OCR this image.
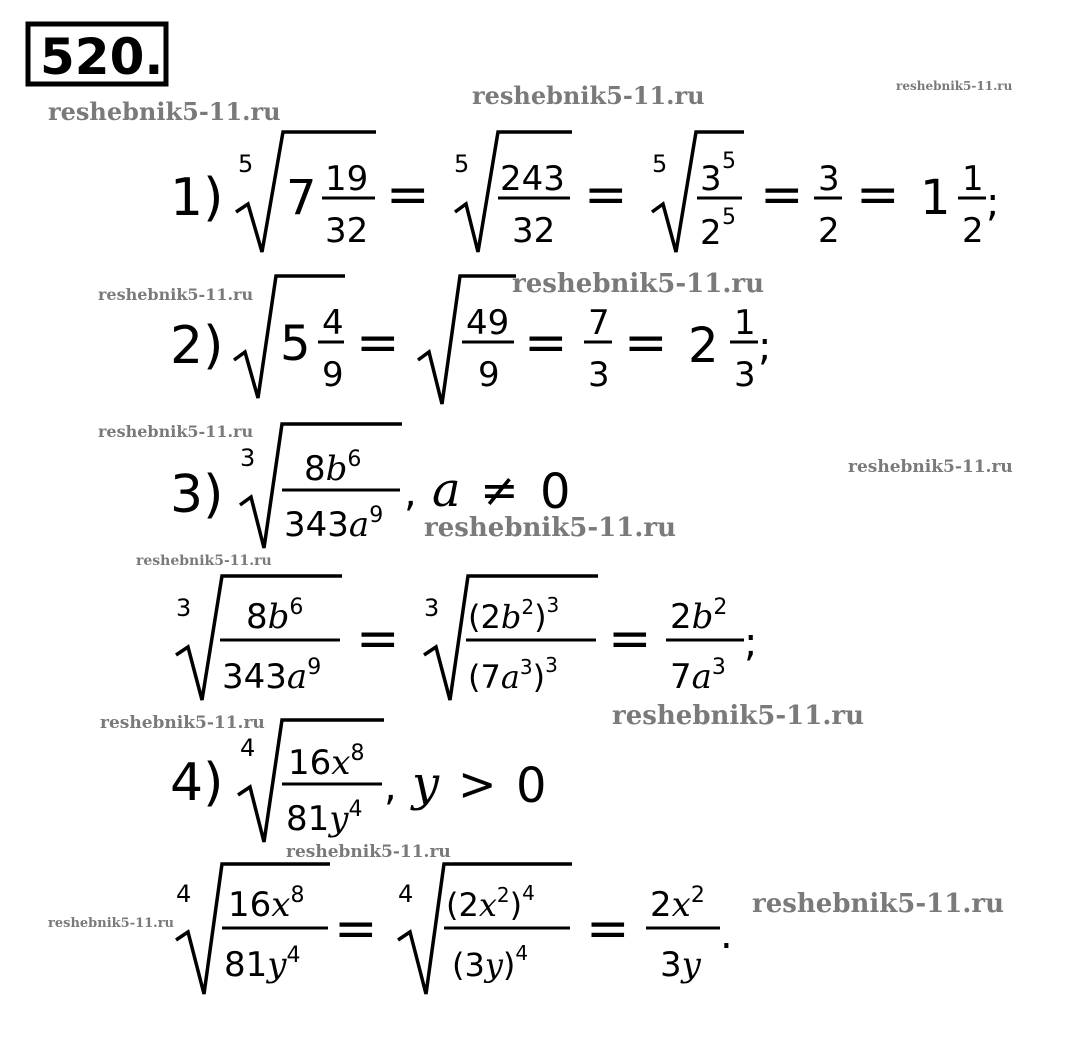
520.
reshebnik5-11.ru
reshebnik5-11.ru	reshebnik5-11.ru
reshebnik5-11.ru	reshebnik5-11.ru
reshebnik5-11.ru
reshebnik5-11.ru
reshebnik5-11.ru
reshebnik5-11.ru
reshebnik5-11.ru	reshebnik5-11.ru
reshebnik5-11.ru
reshebnik5-11.ru
reshebnik5-11.ru
1)
5
7 19
32
=
5 243
32
=
5 3 5
2 5 = 3
2
= 1 1
2
;
2) 5 4
9
= 49
9
= 7
3
= 2 1
3
;
3)
3 $8b^6$
$343a^9$ , a ≠ 0
3 $8b^6$
$343a^9$ =
3 $(2b^2)^3$
$(7a^3)^3 = 2b^2$
$7a^3$
;
4)
4 $16x^8$
$81y^4$ , y > 0
4 $16x^8$
$81y^4$ =
4 $(2x^2)^4$
$(3y)^4 = 2x^2$
3y
.
